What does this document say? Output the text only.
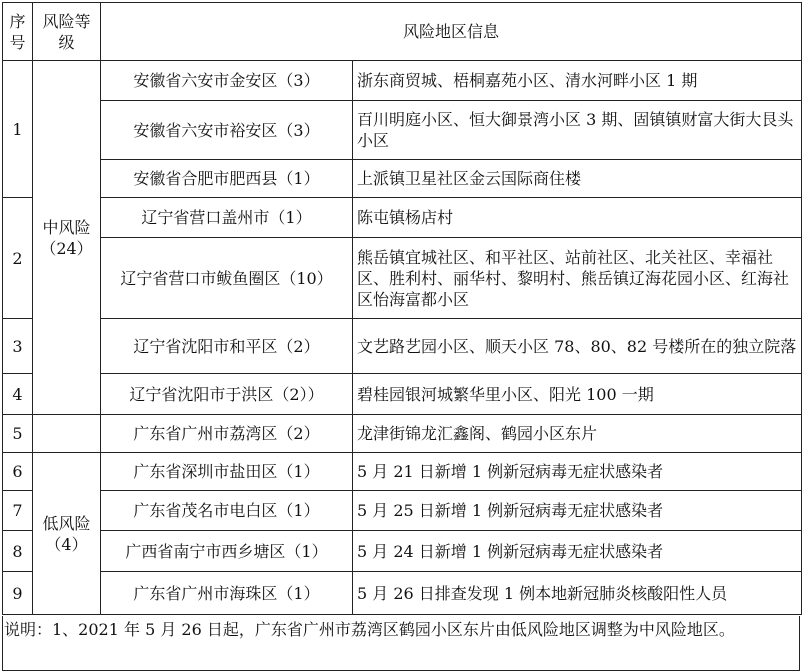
序号	风险等级	风险地区信息	
1	中风险（24）	安徽省六安市金安区（3）	浙东商贸城、梧桐嘉苑小区、清水河畔小区 1 期
		安徽省六安市裕安区（3）	百川明庭小区、恒大御景湾小区 3 期、固镇镇财富大街大艮头小区
		安徽省合肥市肥西县（1）	上派镇卫星社区金云国际商住楼
2		辽宁省营口盖州市（1）	陈屯镇杨店村
		辽宁省营口市鲅鱼圈区（10）	熊岳镇宜城社区、和平社区、站前社区、北关社区、幸福社区、胜利村、丽华村、黎明村、熊岳镇辽海花园小区、红海社区怡海富都小区
3		辽宁省沈阳市和平区（2）	文艺路艺园小区、顺天小区 78、80、82 号楼所在的独立院落
4		辽宁省沈阳市于洪区（2））	碧桂园银河城繁华里小区、阳光 100 一期
5		广东省广州市荔湾区（2）	龙津街锦龙汇鑫阁、鹤园小区东片
6	低风险（4）	广东省深圳市盐田区（1）	5 月 21 日新增 1 例新冠病毒无症状感染者
7		广东省茂名市电白区（1）	5 月 25 日新增 1 例新冠病毒无症状感染者
8		广西省南宁市西乡塘区（1）	5 月 24 日新增 1 例新冠病毒无症状感染者
9		广东省广州市海珠区（1）	5 月 26 日排查发现 1 例本地新冠肺炎核酸阳性人员
说明：1、2021 年 5 月 26 日起，广东省广州市荔湾区鹤园小区东片由低风险地区调整为中风险地区。
